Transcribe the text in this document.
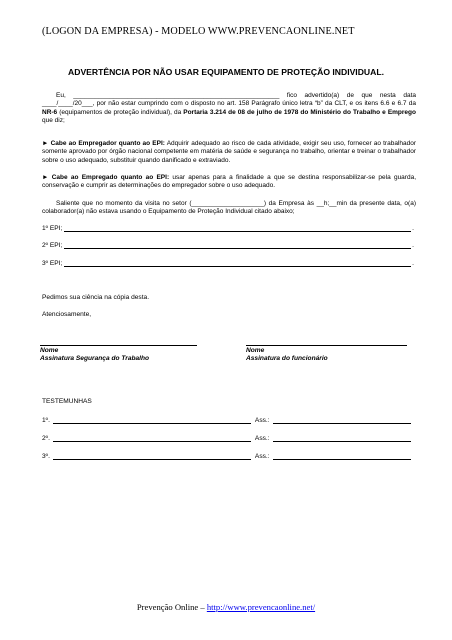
(LOGON DA EMPRESA) - MODELO WWW.PREVENCAONLINE.NET
ADVERTÊNCIA POR NÃO USAR EQUIPAMENTO DE PROTEÇÃO INDIVIDUAL.
Eu, _________________________________________________________ fico advertido(a) de que nesta data ____/____/20___, por não estar cumprindo com o disposto no art. 158 Parágrafo único letra “b” da CLT, e os itens 6.6 e 6.7 da NR-6 (equipamentos de proteção individual), da Portaria 3.214 de 08 de julho de 1978 do Ministério do Trabalho e Emprego que diz;
► Cabe ao Empregador quanto ao EPI: Adquirir adequado ao risco de cada atividade, exigir seu uso, fornecer ao trabalhador somente aprovado por órgão nacional competente em matéria de saúde e segurança no trabalho, orientar e treinar o trabalhador sobre o uso adequado, substituir quando danificado e extraviado.
► Cabe ao Empregado quanto ao EPI: usar apenas para a finalidade a que se destina responsabilizar-se pela guarda, conservação e cumprir as determinações do empregador sobre o uso adequado.
Saliente que no momento da visita no setor (____________________) da Empresa às __h;__min da presente data, o(a) colaborador(a) não estava usando o Equipamento de Proteção Individual citado abaixo;
1º EPI;	.
2º EPI;	.
3º EPI;	.
Pedimos sua ciência na cópia desta.
Atenciosamente,
Nome
Assinatura Segurança do Trabalho
Nome
Assinatura do funcionário
TESTEMUNHAS
1º.	Ass.:
2º.	Ass.:
3º.	Ass.:
Prevenção Online – http://www.prevencaonline.net/
